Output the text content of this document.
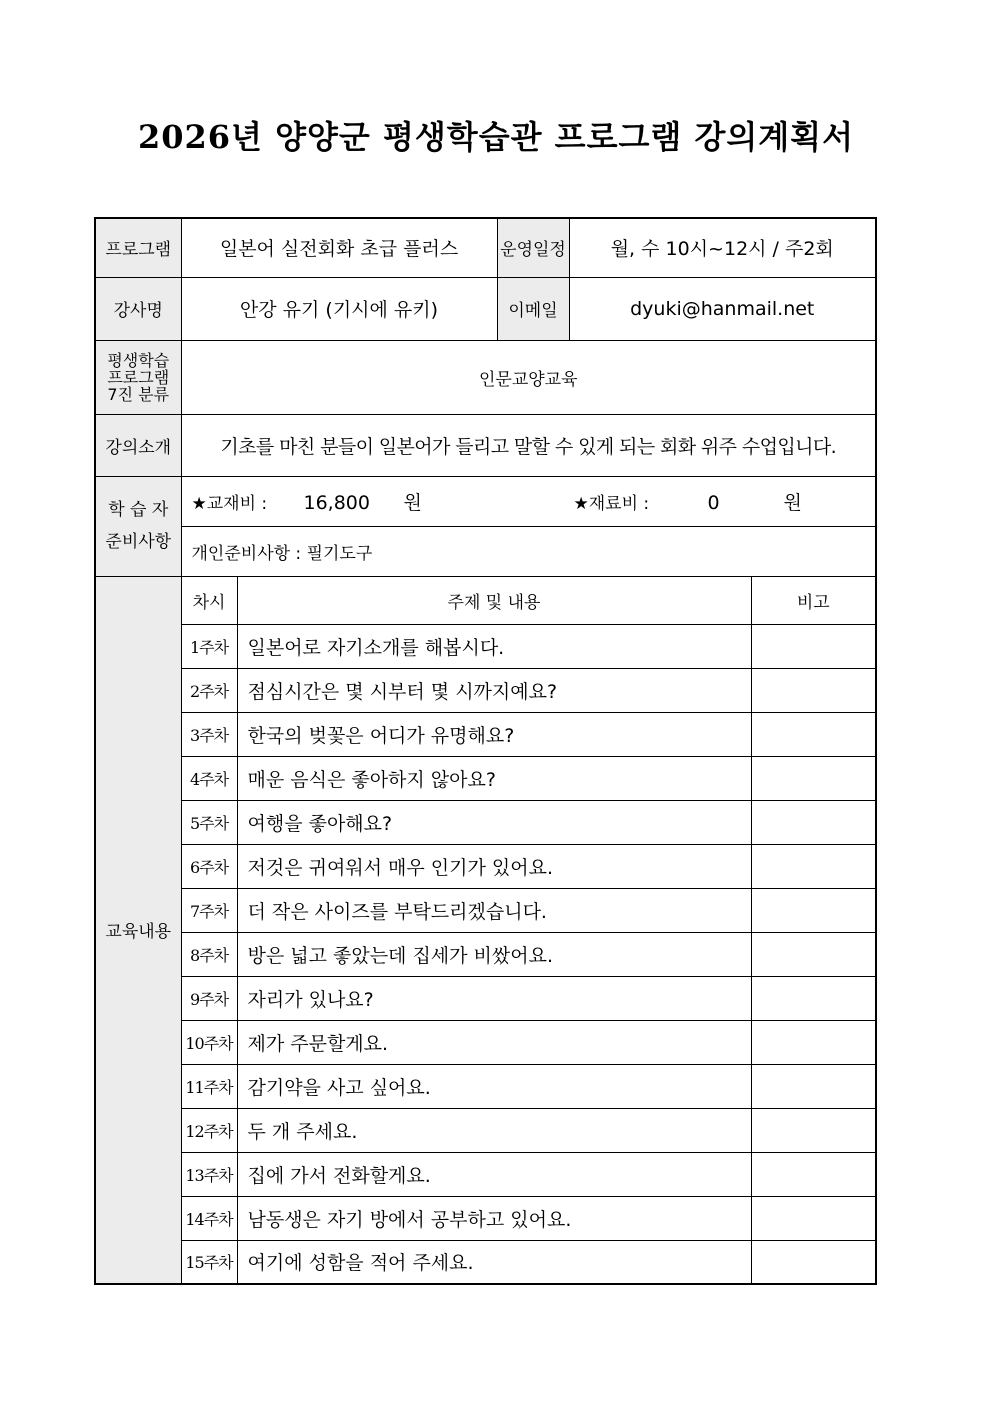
2026년 양양군 평생학습관 프로그램 강의계획서
프로그램	일본어 실전회화 초급 플러스		운영일정	월, 수 10시~12시 / 주2회	
강사명	안강 유기 (기시에 유키)		이메일	dyuki@hanmail.net	

평생학습
프로그램
7진 분류	인문교양교육				
강의소개	기초를 마친 분들이 일본어가 들리고 말할 수 있게 되는 회화 위주 수업입니다.				

학 습 자
준비사항	★교재비 : 16,800 원 ★재료비 : 0 원				
	개인준비사항 : 필기도구				
교육내용	차시	주제 및 내용			비고
	1주차	일본어로 자기소개를 해봅시다.			
	2주차	점심시간은 몇 시부터 몇 시까지예요?			
	3주차	한국의 벚꽃은 어디가 유명해요?			
	4주차	매운 음식은 좋아하지 않아요?			
	5주차	여행을 좋아해요?			
	6주차	저것은 귀여워서 매우 인기가 있어요.			
	7주차	더 작은 사이즈를 부탁드리겠습니다.			
	8주차	방은 넓고 좋았는데 집세가 비쌌어요.			
	9주차	자리가 있나요?			
	10주차	제가 주문할게요.			
	11주차	감기약을 사고 싶어요.			
	12주차	두 개 주세요.			
	13주차	집에 가서 전화할게요.			
	14주차	남동생은 자기 방에서 공부하고 있어요.			
	15주차	여기에 성함을 적어 주세요.			
